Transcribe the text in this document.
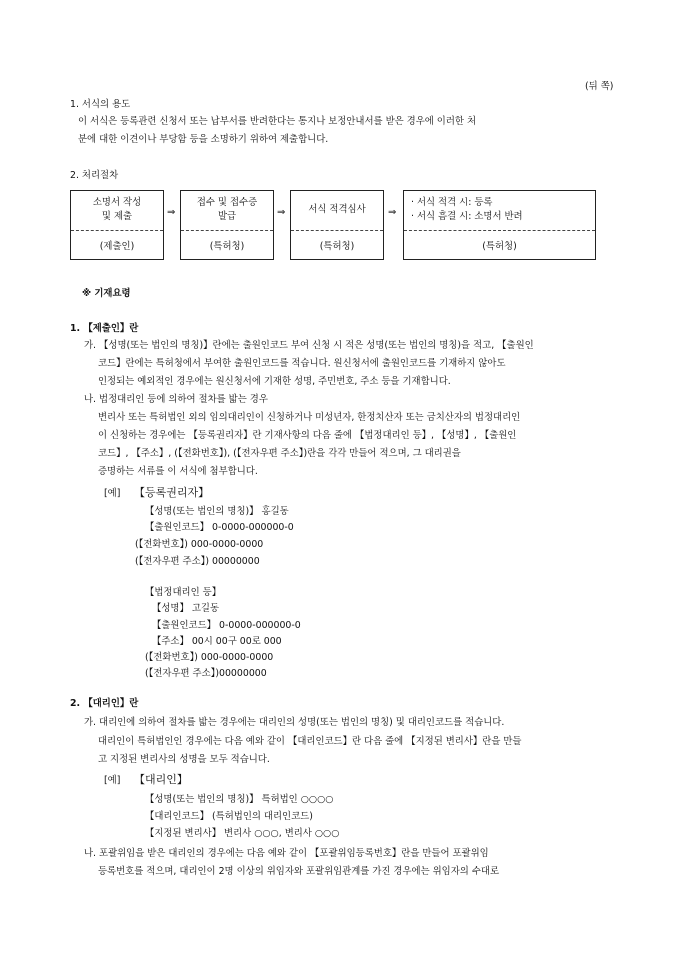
(뒤 쪽)
1. 서식의 용도
이 서식은 등록관련 신청서 또는 납부서를 반려한다는 통지나 보정안내서를 받은 경우에 이러한 처
분에 대한 이견이나 부당함 등을 소명하기 위하여 제출합니다.
2. 처리절차
소명서 작성
및 제출
(제출인)
⇒
접수 및 접수증
발급
(특허청)
⇒ 서식 적격심사
(특허청)
⇒
· 서식 적격 시: 등록
· 서식 흠결 시: 소명서 반려
(특허청)
※ 기재요령
1. 【제출인】란
가. 【성명(또는 법인의 명칭)】란에는 출원인코드 부여 신청 시 적은 성명(또는 법인의 명칭)을 적고, 【출원인
코드】란에는 특허청에서 부여한 출원인코드를 적습니다. 원신청서에 출원인코드를 기재하지 않아도
인정되는 예외적인 경우에는 원신청서에 기재한 성명, 주민번호, 주소 등을 기재합니다.
나. 법정대리인 등에 의하여 절차를 밟는 경우
변리사 또는 특허법인 외의 임의대리인이 신청하거나 미성년자, 한정치산자 또는 금치산자의 법정대리인
이 신청하는 경우에는 【등록권리자】란 기재사항의 다음 줄에 【법정대리인 등】, 【성명】, 【출원인
코드】, 【주소】, (【전화번호】), (【전자우편 주소】)란을 각각 만들어 적으며, 그 대리권을
증명하는 서류를 이 서식에 첨부합니다.
[예] 【등록권리자】
【성명(또는 법인의 명칭)】 홍길동
【출원인코드】 0-0000-000000-0
(【전화번호】) 000-0000-0000
(【전자우편 주소】) 00000000
【법정대리인 등】
【성명】 고길동
【출원인코드】 0-0000-000000-0
【주소】 00시 00구 00로 000
(【전화번호】) 000-0000-0000
(【전자우편 주소】)00000000
2. 【대리인】란
가. 대리인에 의하여 절차를 밟는 경우에는 대리인의 성명(또는 법인의 명칭) 및 대리인코드를 적습니다.
대리인이 특허법인인 경우에는 다음 예와 같이 【대리인코드】란 다음 줄에 【지정된 변리사】란을 만들
고 지정된 변리사의 성명을 모두 적습니다.
[예] 【대리인】
【성명(또는 법인의 명칭)】 특허법인 ○○○○
【대리인코드】 (특허법인의 대리인코드)
【지정된 변리사】 변리사 ○○○, 변리사 ○○○
나. 포괄위임을 받은 대리인의 경우에는 다음 예와 같이 【포괄위임등록번호】란을 만들어 포괄위임
등록번호를 적으며, 대리인이 2명 이상의 위임자와 포괄위임관계를 가진 경우에는 위임자의 수대로
